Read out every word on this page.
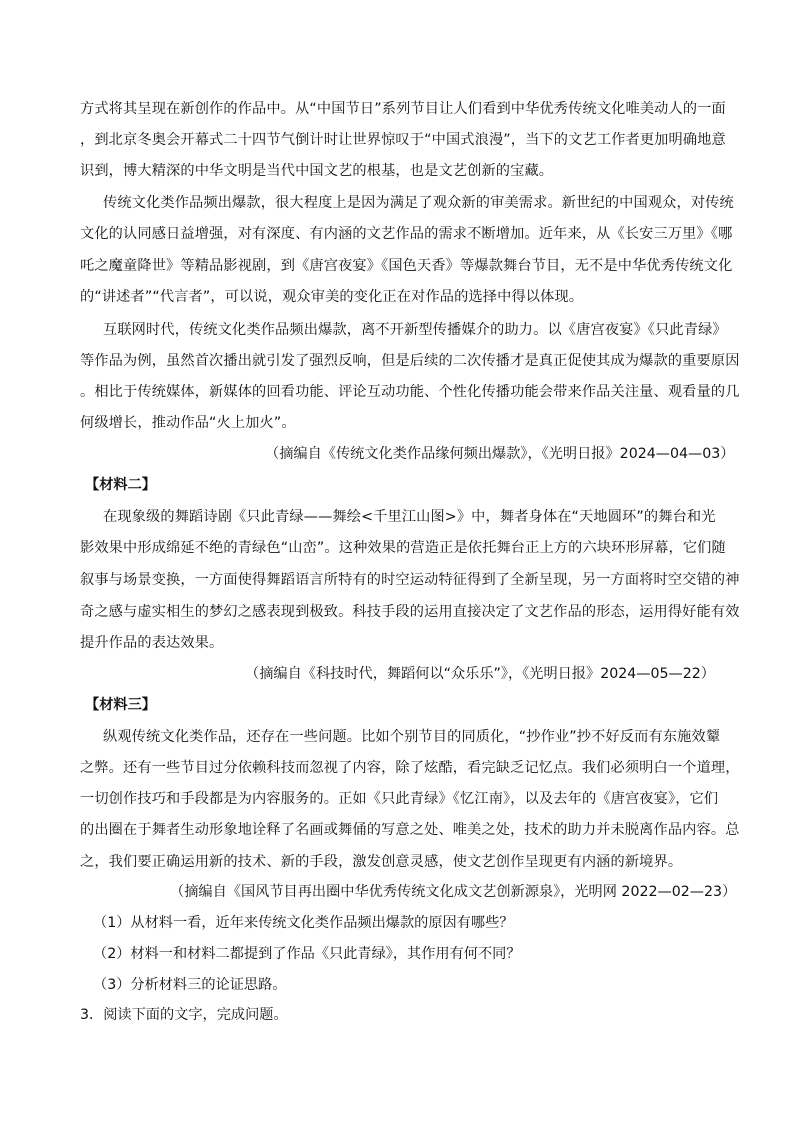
方式将其呈现在新创作的作品中。从“中国节日”系列节目让人们看到中华优秀传统文化唯美动人的一面
，到北京冬奥会开幕式二十四节气倒计时让世界惊叹于“中国式浪漫”，当下的文艺工作者更加明确地意
识到，博大精深的中华文明是当代中国文艺的根基，也是文艺创新的宝藏。
传统文化类作品频出爆款，很大程度上是因为满足了观众新的审美需求。新世纪的中国观众，对传统
文化的认同感日益增强，对有深度、有内涵的文艺作品的需求不断增加。近年来，从《长安三万里》《哪
吒之魔童降世》等精品影视剧，到《唐宫夜宴》《国色天香》等爆款舞台节目，无不是中华优秀传统文化
的“讲述者”“代言者”，可以说，观众审美的变化正在对作品的选择中得以体现。
互联网时代，传统文化类作品频出爆款，离不开新型传播媒介的助力。以《唐宫夜宴》《只此青绿》
等作品为例，虽然首次播出就引发了强烈反响，但是后续的二次传播才是真正促使其成为爆款的重要原因
。相比于传统媒体，新媒体的回看功能、评论互动功能、个性化传播功能会带来作品关注量、观看量的几
何级增长，推动作品“火上加火”。
（摘编自《传统文化类作品缘何频出爆款》，《光明日报》2024—04—03）
【材料二】
在现象级的舞蹈诗剧《只此青绿——舞绘<千里江山图>》中，舞者身体在“天地圆环”的舞台和光
影效果中形成绵延不绝的青绿色“山峦”。这种效果的营造正是依托舞台正上方的六块环形屏幕，它们随
叙事与场景变换，一方面使得舞蹈语言所特有的时空运动特征得到了全新呈现，另一方面将时空交错的神
奇之感与虚实相生的梦幻之感表现到极致。科技手段的运用直接决定了文艺作品的形态，运用得好能有效
提升作品的表达效果。
（摘编自《科技时代，舞蹈何以“众乐乐”》，《光明日报》2024—05—22）
【材料三】
纵观传统文化类作品，还存在一些问题。比如个别节目的同质化，“抄作业”抄不好反而有东施效颦
之弊。还有一些节目过分依赖科技而忽视了内容，除了炫酷，看完缺乏记忆点。我们必须明白一个道理，
一切创作技巧和手段都是为内容服务的。正如《只此青绿》《忆江南》，以及去年的《唐宫夜宴》，它们
的出圈在于舞者生动形象地诠释了名画或舞俑的写意之处、唯美之处，技术的助力并未脱离作品内容。总
之，我们要正确运用新的技术、新的手段，激发创意灵感，使文艺创作呈现更有内涵的新境界。
（摘编自《国风节目再出圈中华优秀传统文化成文艺创新源泉》，光明网 2022—02—23）
（1）从材料一看，近年来传统文化类作品频出爆款的原因有哪些？
（2）材料一和材料二都提到了作品《只此青绿》，其作用有何不同？
（3）分析材料三的论证思路。
3．阅读下面的文字，完成问题。
